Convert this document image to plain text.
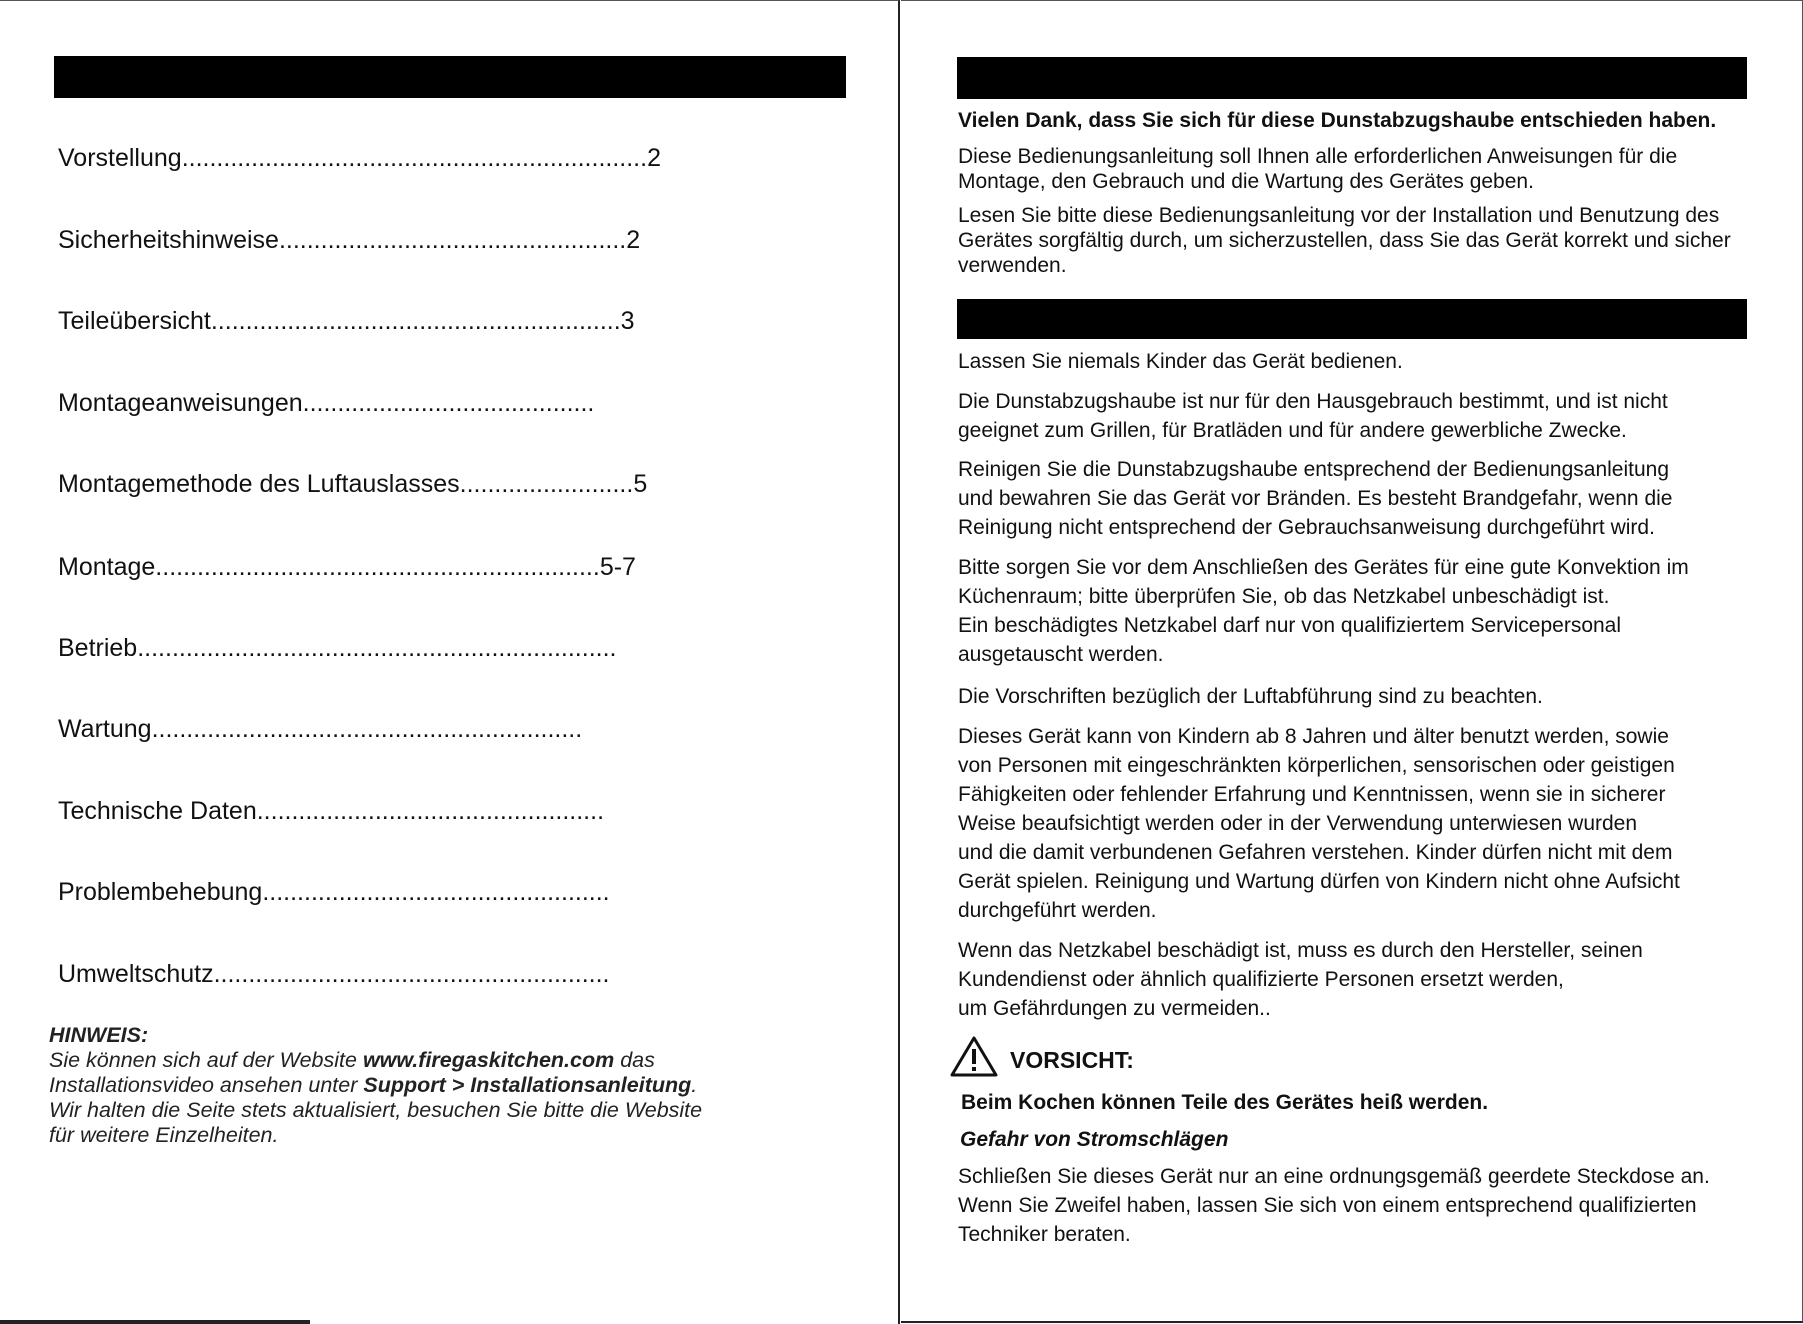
Vorstellung...................................................................2
Sicherheitshinweise..................................................2
Teileübersicht...........................................................3
Montageanweisungen..........................................
Montagemethode des Luftauslasses.........................5
Montage................................................................5-7
Betrieb.....................................................................
Wartung..............................................................
Technische Daten..................................................
Problembehebung..................................................
Umweltschutz.........................................................
HINWEIS:
Sie können sich auf der Website www.firegaskitchen.com das
Installationsvideo ansehen unter Support > Installationsanleitung.
Wir halten die Seite stets aktualisiert, besuchen Sie bitte die Website
für weitere Einzelheiten.
Vielen Dank, dass Sie sich für diese Dunstabzugshaube entschieden haben.
Diese Bedienungsanleitung soll Ihnen alle erforderlichen Anweisungen für die
Montage, den Gebrauch und die Wartung des Gerätes geben.
Lesen Sie bitte diese Bedienungsanleitung vor der Installation und Benutzung des
Gerätes sorgfältig durch, um sicherzustellen, dass Sie das Gerät korrekt und sicher
verwenden.
Lassen Sie niemals Kinder das Gerät bedienen.
Die Dunstabzugshaube ist nur für den Hausgebrauch bestimmt, und ist nicht
geeignet zum Grillen, für Bratläden und für andere gewerbliche Zwecke.
Reinigen Sie die Dunstabzugshaube entsprechend der Bedienungsanleitung
und bewahren Sie das Gerät vor Bränden. Es besteht Brandgefahr, wenn die
Reinigung nicht entsprechend der Gebrauchsanweisung durchgeführt wird.
Bitte sorgen Sie vor dem Anschließen des Gerätes für eine gute Konvektion im
Küchenraum; bitte überprüfen Sie, ob das Netzkabel unbeschädigt ist.
Ein beschädigtes Netzkabel darf nur von qualifiziertem Servicepersonal
ausgetauscht werden.
Die Vorschriften bezüglich der Luftabführung sind zu beachten.
Dieses Gerät kann von Kindern ab 8 Jahren und älter benutzt werden, sowie
von Personen mit eingeschränkten körperlichen, sensorischen oder geistigen
Fähigkeiten oder fehlender Erfahrung und Kenntnissen, wenn sie in sicherer
Weise beaufsichtigt werden oder in der Verwendung unterwiesen wurden
und die damit verbundenen Gefahren verstehen. Kinder dürfen nicht mit dem
Gerät spielen. Reinigung und Wartung dürfen von Kindern nicht ohne Aufsicht
durchgeführt werden.
Wenn das Netzkabel beschädigt ist, muss es durch den Hersteller, seinen
Kundendienst oder ähnlich qualifizierte Personen ersetzt werden,
um Gefährdungen zu vermeiden..
VORSICHT:
Beim Kochen können Teile des Gerätes heiß werden.
Gefahr von Stromschlägen
Schließen Sie dieses Gerät nur an eine ordnungsgemäß geerdete Steckdose an.
Wenn Sie Zweifel haben, lassen Sie sich von einem entsprechend qualifizierten
Techniker beraten.
